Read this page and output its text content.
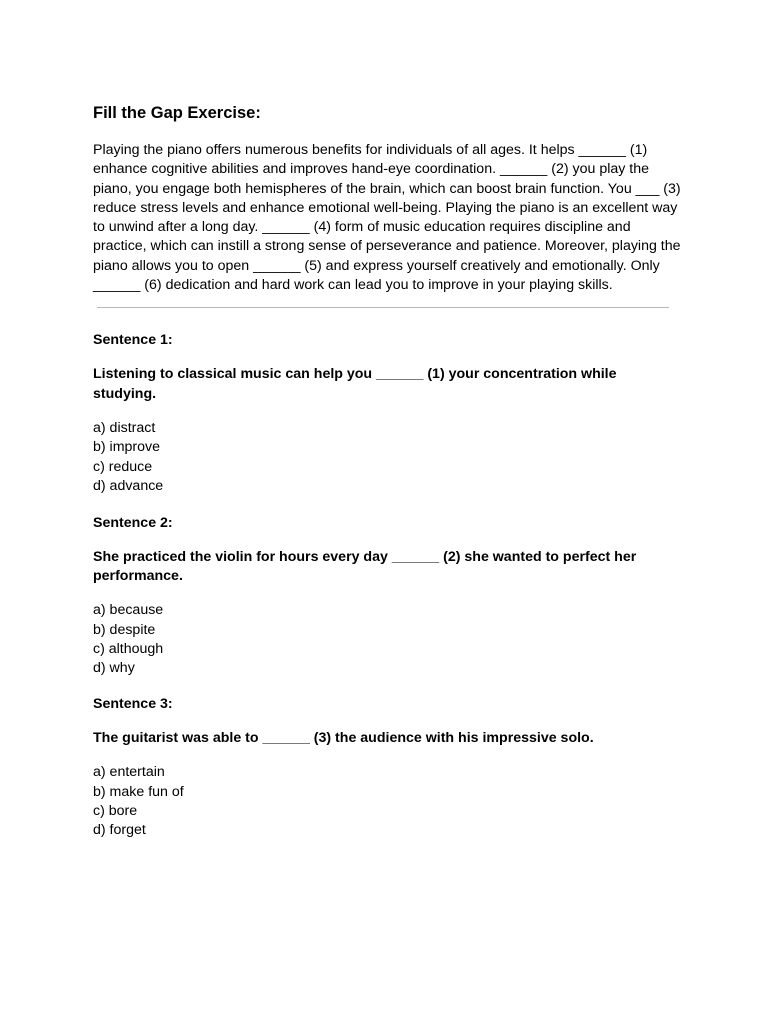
Fill the Gap Exercise:

Playing the piano offers numerous benefits for individuals of all ages. It helps ______ (1) enhance cognitive abilities and improves hand-eye coordination. ______ (2) you play the piano, you engage both hemispheres of the brain, which can boost brain function. You ___ (3) reduce stress levels and enhance emotional well-being. Playing the piano is an excellent way to unwind after a long day. ______ (4) form of music education requires discipline and practice, which can instill a strong sense of perseverance and patience. Moreover, playing the piano allows you to open ______ (5) and express yourself creatively and emotionally. Only ______ (6) dedication and hard work can lead you to improve in your playing skills.

Sentence 1:

Listening to classical music can help you ______ (1) your concentration while studying.

a) distract
b) improve
c) reduce
d) advance

Sentence 2:

She practiced the violin for hours every day ______ (2) she wanted to perfect her performance.

a) because
b) despite
c) although
d) why

Sentence 3:

The guitarist was able to ______ (3) the audience with his impressive solo.

a) entertain
b) make fun of
c) bore
d) forget
